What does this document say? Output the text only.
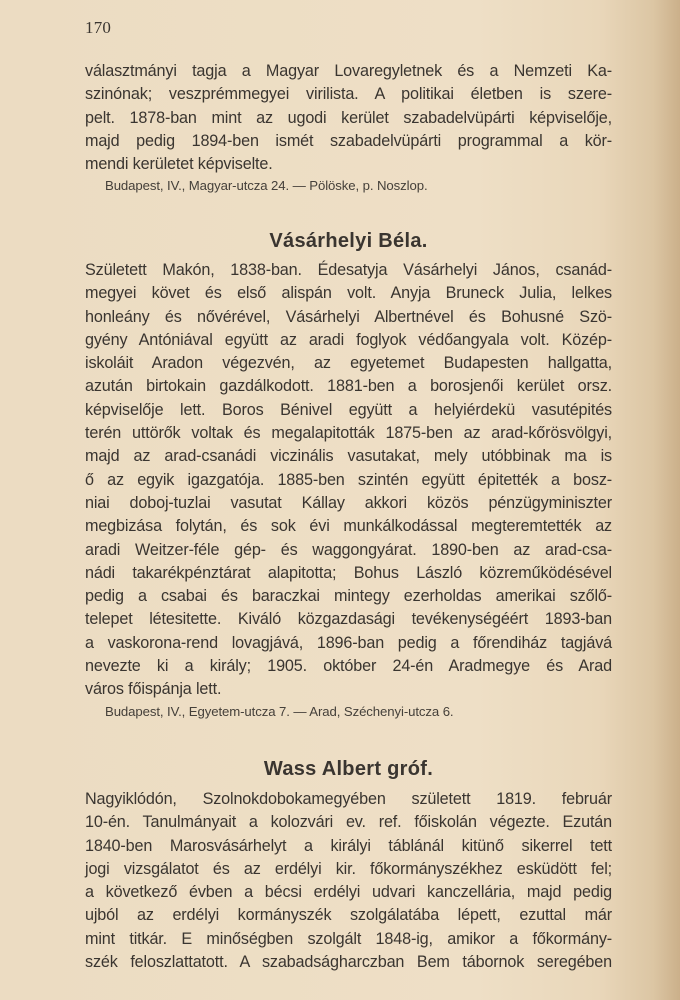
170

választmányi tagja a Magyar Lovaregyletnek és a Nemzeti Ka-
szinónak; veszprémmegyei virilista. A politikai életben is szere-
pelt. 1878-ban mint az ugodi kerület szabadelvüpárti képviselője,
majd pedig 1894-ben ismét szabadelvüpárti programmal a kör-
mendi kerületet képviselte.

Budapest, IV., Magyar-utcza 24. — Pölöske, p. Noszlop.
Vásárhelyi Béla.

Született Makón, 1838-ban. Édesatyja Vásárhelyi János, csanád-
megyei követ és első alispán volt. Anyja Bruneck Julia, lelkes
honleány és nővérével, Vásárhelyi Albertnével és Bohusné Szö-
gyény Antóniával együtt az aradi foglyok védőangyala volt. Közép-
iskoláit Aradon végezvén, az egyetemet Budapesten hallgatta,
azután birtokain gazdálkodott. 1881-ben a borosjenői kerület orsz.
képviselője lett. Boros Bénivel együtt a helyiérdekü vasutépités
terén uttörők voltak és megalapitották 1875-ben az arad-kőrösvölgyi,
majd az arad-csanádi viczinális vasutakat, mely utóbbinak ma is
ő az egyik igazgatója. 1885-ben szintén együtt épitették a bosz-
niai doboj-tuzlai vasutat Kállay akkori közös pénzügyminiszter
megbizása folytán, és sok évi munkálkodással megteremtették az
aradi Weitzer-féle gép- és waggongyárat. 1890-ben az arad-csa-
nádi takarékpénztárat alapitotta; Bohus László közreműködésével
pedig a csabai és baraczkai mintegy ezerholdas amerikai szőlő-
telepet létesitette. Kiváló közgazdasági tevékenységéért 1893-ban
a vaskorona-rend lovagjává, 1896-ban pedig a főrendiház tagjává
nevezte ki a király; 1905. október 24-én Aradmegye és Arad
város főispánja lett.

Budapest, IV., Egyetem-utcza 7. — Arad, Széchenyi-utcza 6.
Wass Albert gróf.

Nagyiklódón, Szolnokdobokamegyében született 1819. február
10-én. Tanulmányait a kolozvári ev. ref. főiskolán végezte. Ezután
1840-ben Marosvásárhelyt a királyi táblánál kitünő sikerrel tett
jogi vizsgálatot és az erdélyi kir. főkormányszékhez esküdött fel;
a következő évben a bécsi erdélyi udvari kanczellária, majd pedig
ujból az erdélyi kormányszék szolgálatába lépett, ezuttal már
mint titkár. E minőségben szolgált 1848-ig, amikor a főkormány-
szék feloszlattatott. A szabadságharczban Bem tábornok seregében
